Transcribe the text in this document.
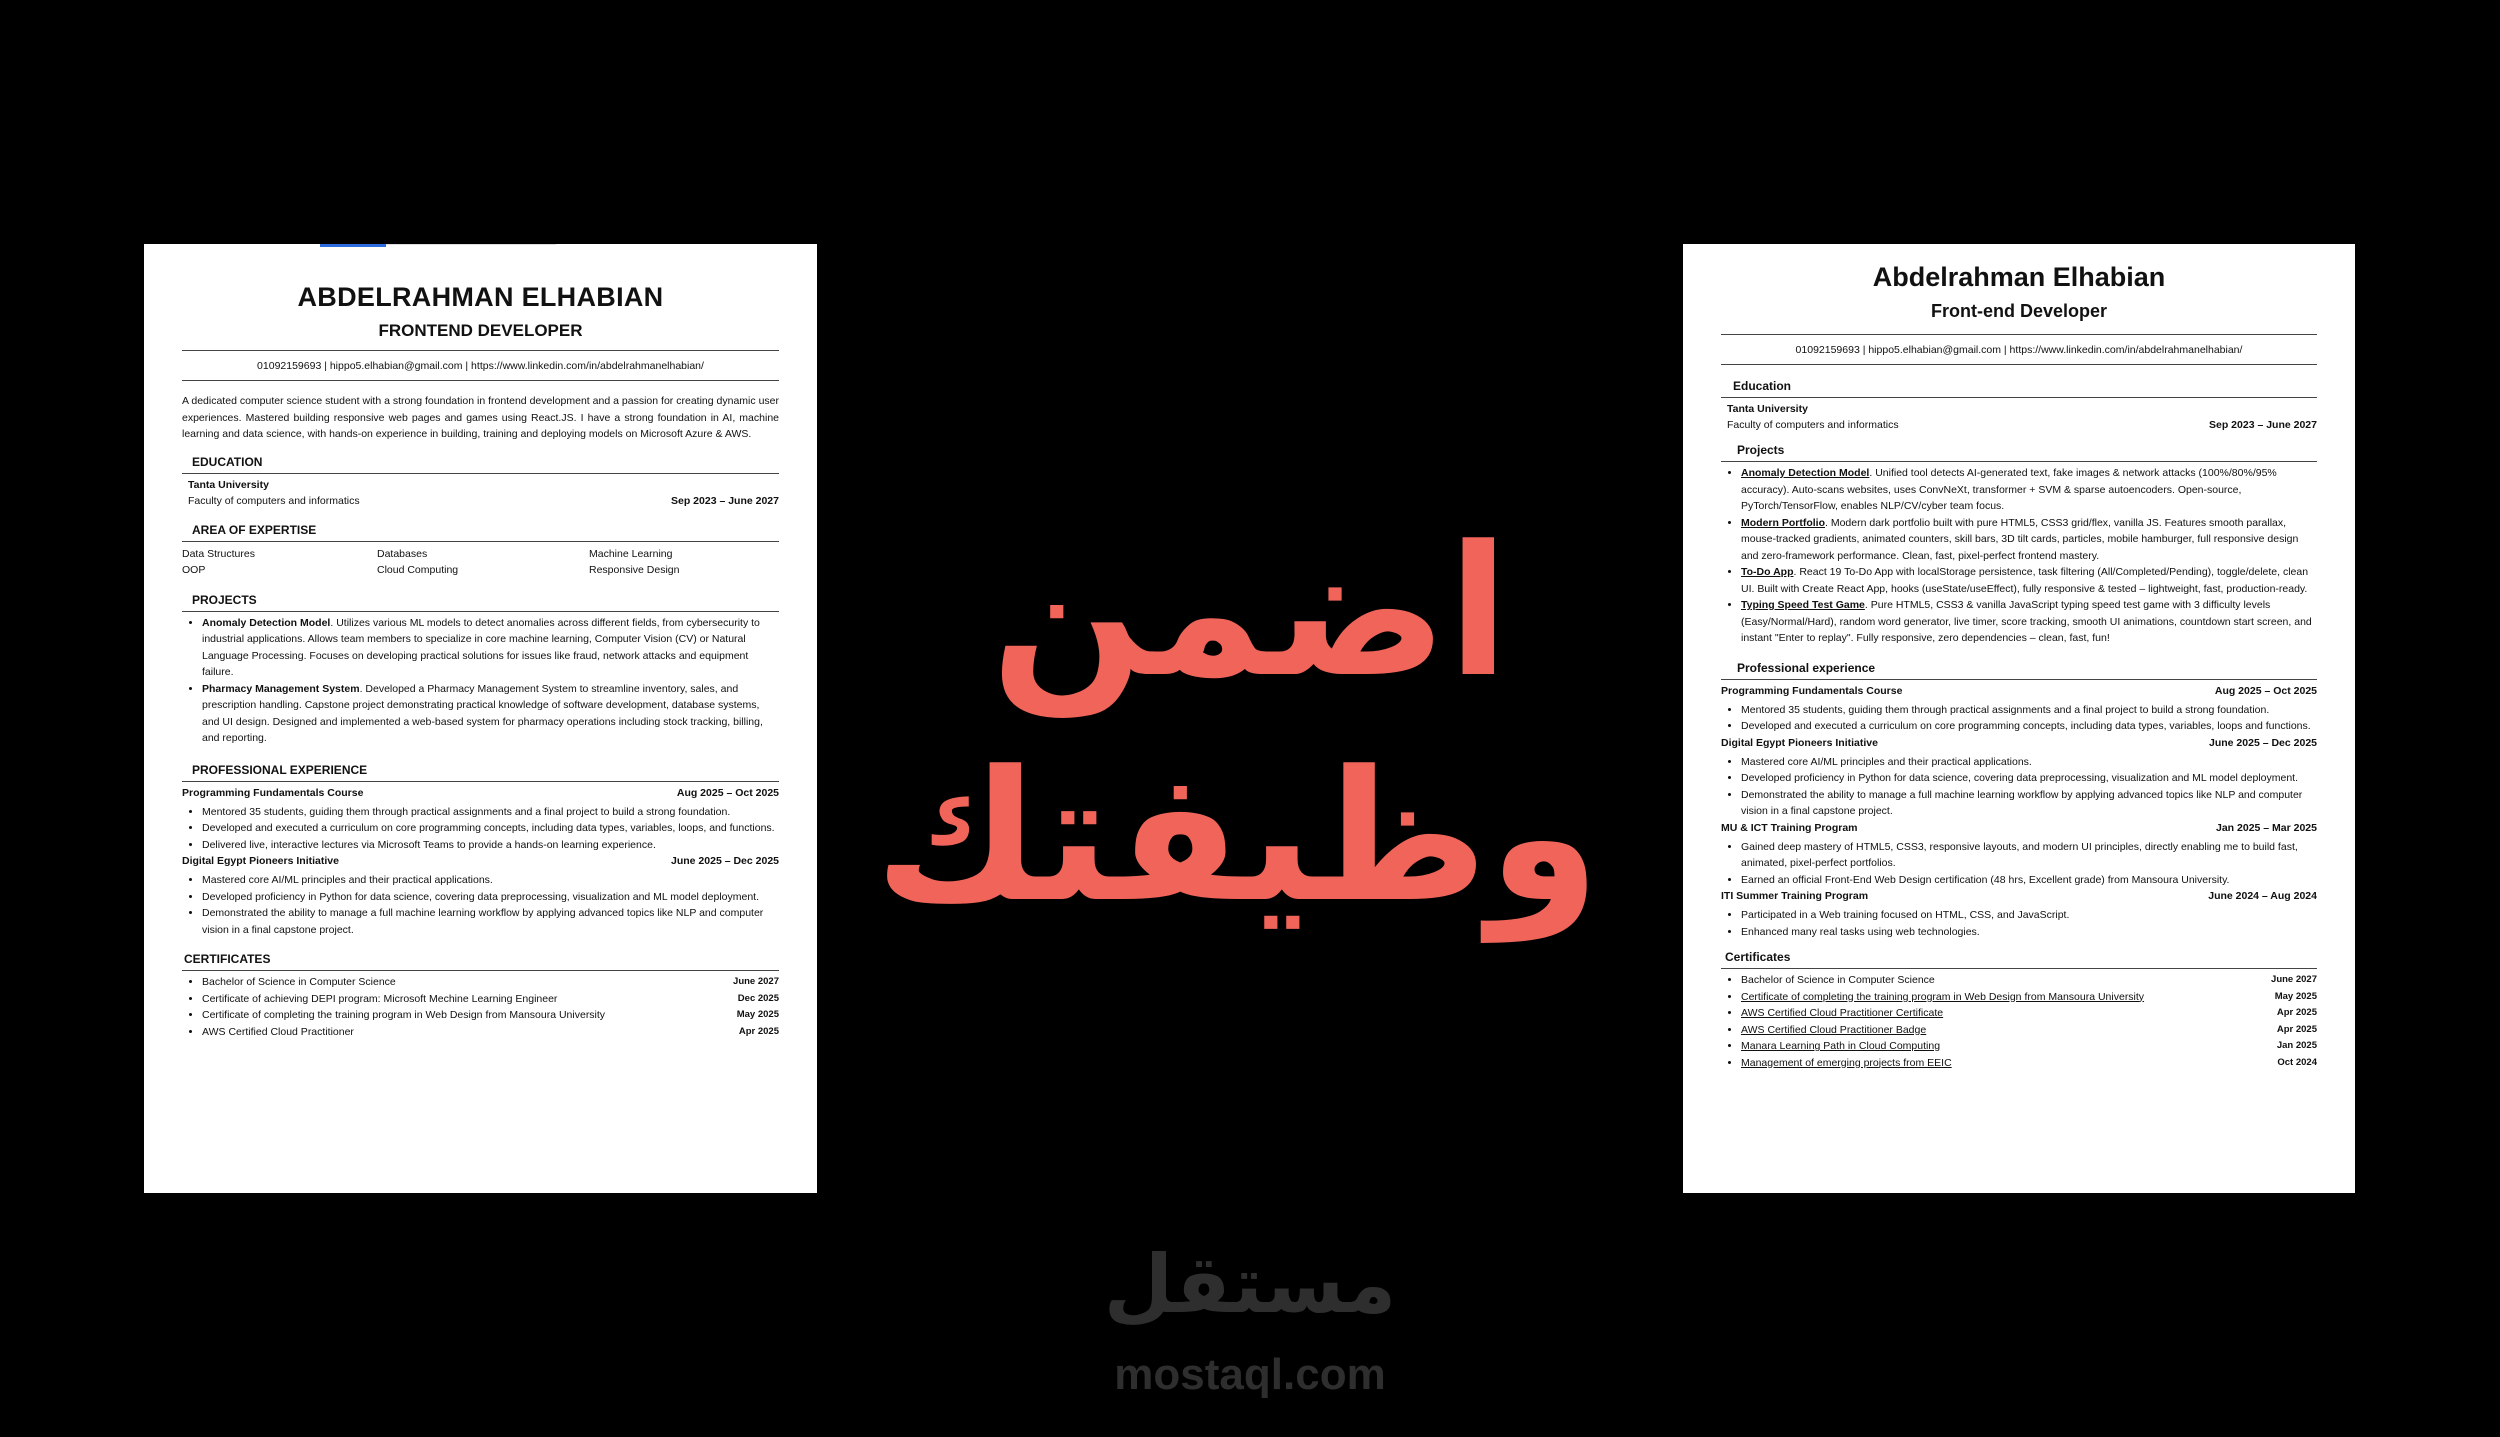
ABDELRAHMAN ELHABIAN
FRONTEND DEVELOPER
01092159693 | hippo5.elhabian@gmail.com | https://www.linkedin.com/in/abdelrahmanelhabian/
A dedicated computer science student with a strong foundation in frontend development and a passion for creating dynamic user experiences. Mastered building responsive web pages and games using React.JS. I have a strong foundation in AI, machine learning and data science, with hands-on experience in building, training and deploying models on Microsoft Azure & AWS.
EDUCATION
Tanta University
Faculty of computers and informatics	Sep 2023 – June 2027
AREA OF EXPERTISE
Data Structures	Databases	Machine Learning
OOP	Cloud Computing	Responsive Design
PROJECTS
• Anomaly Detection Model. Utilizes various ML models to detect anomalies across different fields, from cybersecurity to industrial applications. Allows team members to specialize in core machine learning, Computer Vision (CV) or Natural Language Processing. Focuses on developing practical solutions for issues like fraud, network attacks and equipment failure.
• Pharmacy Management System. Developed a Pharmacy Management System to streamline inventory, sales, and prescription handling. Capstone project demonstrating practical knowledge of software development, database systems, and UI design. Designed and implemented a web-based system for pharmacy operations including stock tracking, billing, and reporting.
PROFESSIONAL EXPERIENCE
Programming Fundamentals Course	Aug 2025 – Oct 2025
• Mentored 35 students, guiding them through practical assignments and a final project to build a strong foundation.
• Developed and executed a curriculum on core programming concepts, including data types, variables, loops, and functions.
• Delivered live, interactive lectures via Microsoft Teams to provide a hands-on learning experience.
Digital Egypt Pioneers Initiative	June 2025 – Dec 2025
• Mastered core AI/ML principles and their practical applications.
• Developed proficiency in Python for data science, covering data preprocessing, visualization and ML model deployment.
• Demonstrated the ability to manage a full machine learning workflow by applying advanced topics like NLP and computer vision in a final capstone project.
CERTIFICATES
• Bachelor of Science in Computer Science	June 2027
• Certificate of achieving DEPI program: Microsoft Mechine Learning Engineer	Dec 2025
• Certificate of completing the training program in Web Design from Mansoura University	May 2025
• AWS Certified Cloud Practitioner	Apr 2025
اضمن
وظيفتك
مستقل
mostaql.com
Abdelrahman Elhabian
Front-end Developer
01092159693 | hippo5.elhabian@gmail.com | https://www.linkedin.com/in/abdelrahmanelhabian/
Education
Tanta University
Faculty of computers and informatics	Sep 2023 – June 2027
Projects
• Anomaly Detection Model. Unified tool detects AI-generated text, fake images & network attacks (100%/80%/95% accuracy). Auto-scans websites, uses ConvNeXt, transformer + SVM & sparse autoencoders. Open-source, PyTorch/TensorFlow, enables NLP/CV/cyber team focus.
• Modern Portfolio. Modern dark portfolio built with pure HTML5, CSS3 grid/flex, vanilla JS. Features smooth parallax, mouse-tracked gradients, animated counters, skill bars, 3D tilt cards, particles, mobile hamburger, full responsive design and zero-framework performance. Clean, fast, pixel-perfect frontend mastery.
• To-Do App. React 19 To-Do App with localStorage persistence, task filtering (All/Completed/Pending), toggle/delete, clean UI. Built with Create React App, hooks (useState/useEffect), fully responsive & tested – lightweight, fast, production-ready.
• Typing Speed Test Game. Pure HTML5, CSS3 & vanilla JavaScript typing speed test game with 3 difficulty levels (Easy/Normal/Hard), random word generator, live timer, score tracking, smooth UI animations, countdown start screen, and instant "Enter to replay". Fully responsive, zero dependencies – clean, fast, fun!
Professional experience
Programming Fundamentals Course	Aug 2025 – Oct 2025
• Mentored 35 students, guiding them through practical assignments and a final project to build a strong foundation.
• Developed and executed a curriculum on core programming concepts, including data types, variables, loops and functions.
Digital Egypt Pioneers Initiative	June 2025 – Dec 2025
• Mastered core AI/ML principles and their practical applications.
• Developed proficiency in Python for data science, covering data preprocessing, visualization and ML model deployment.
• Demonstrated the ability to manage a full machine learning workflow by applying advanced topics like NLP and computer vision in a final capstone project.
MU & ICT Training Program	Jan 2025 – Mar 2025
• Gained deep mastery of HTML5, CSS3, responsive layouts, and modern UI principles, directly enabling me to build fast, animated, pixel-perfect portfolios.
• Earned an official Front-End Web Design certification (48 hrs, Excellent grade) from Mansoura University.
ITI Summer Training Program	June 2024 – Aug 2024
• Participated in a Web training focused on HTML, CSS, and JavaScript.
• Enhanced many real tasks using web technologies.
Certificates
• Bachelor of Science in Computer Science	June 2027
• Certificate of completing the training program in Web Design from Mansoura University	May 2025
• AWS Certified Cloud Practitioner Certificate	Apr 2025
• AWS Certified Cloud Practitioner Badge	Apr 2025
• Manara Learning Path in Cloud Computing	Jan 2025
• Management of emerging projects from EEIC	Oct 2024
